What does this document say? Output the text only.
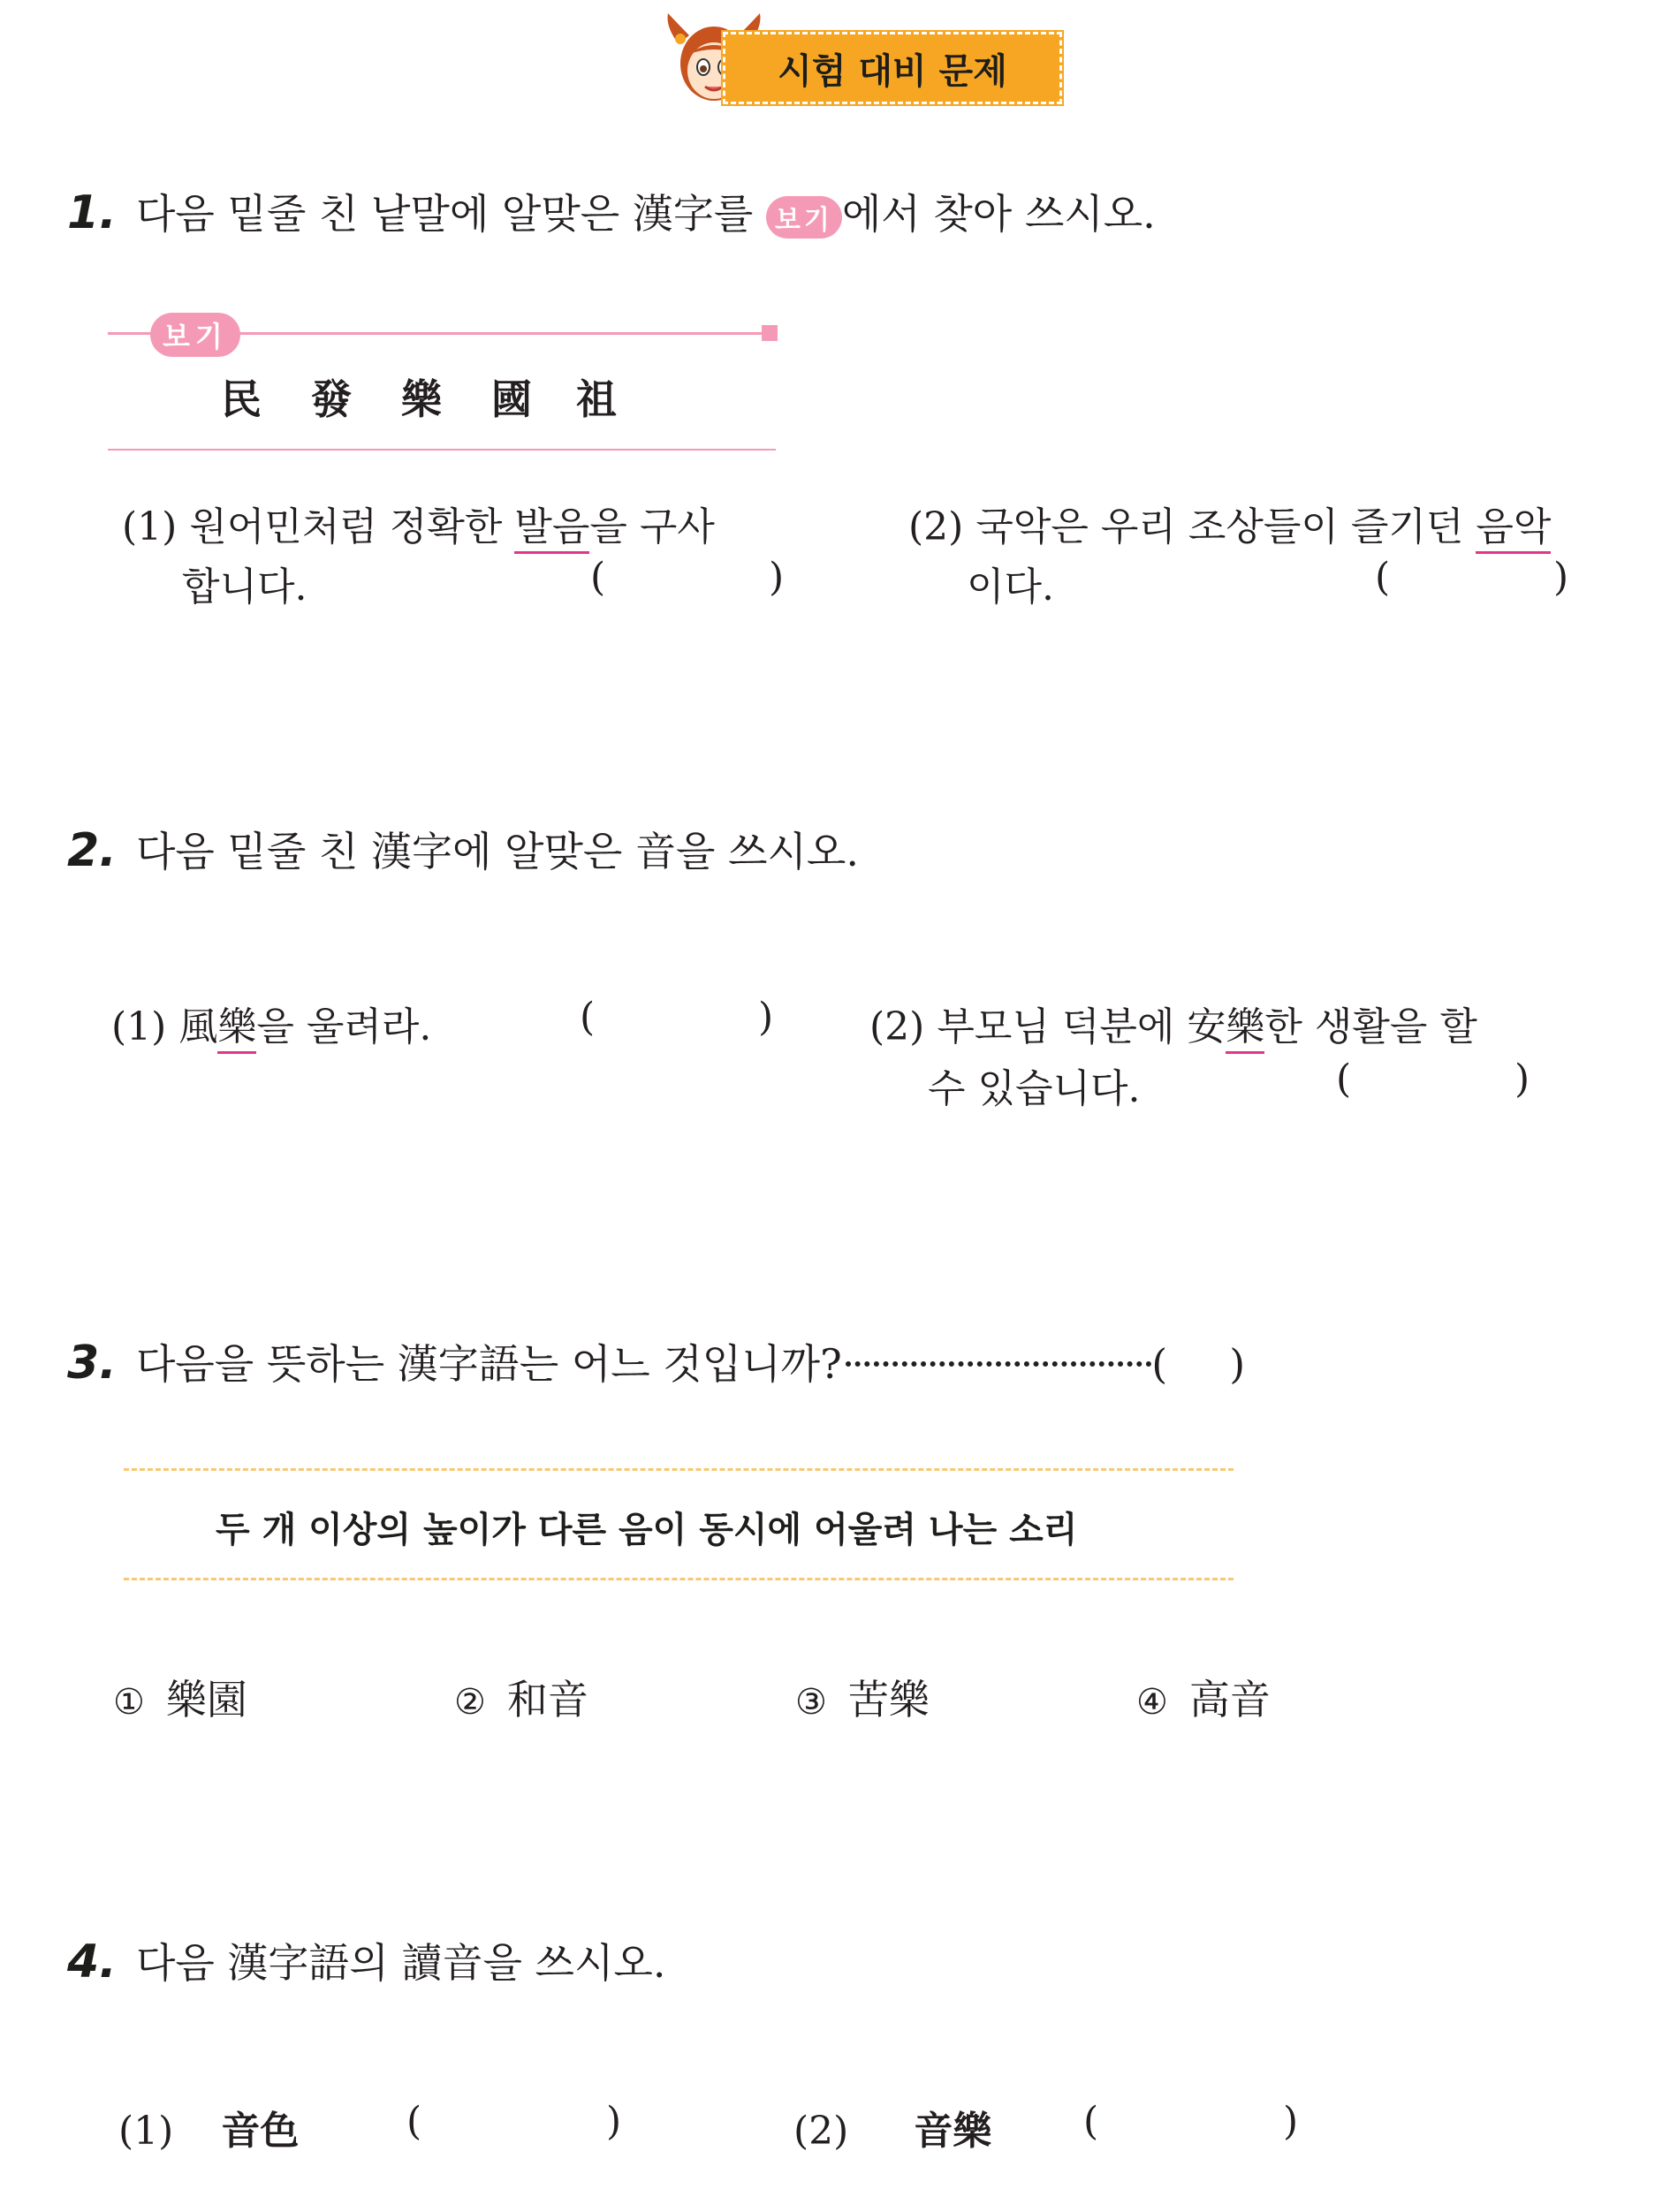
시험 대비 문제
1. 다음 밑줄 친 낱말에 알맞은 漢字를 보기 에서 찾아 쓰시오.
보기
民 發 樂 國 祖
(1) 원어민처럼 정확한 발음을 구사
합니다.	(	)
(2) 국악은 우리 조상들이 즐기던 음악
이다.	(	)
2. 다음 밑줄 친 漢字에 알맞은 音을 쓰시오.
(1) 風樂을 울려라.	(	) (2) 부모님 덕분에 安樂한 생활을 할
수 있습니다.	(	)
3. 다음을 뜻하는 漢字語는 어느 것입니까?·································( )
두 개 이상의 높이가 다른 음이 동시에 어울려 나는 소리
① 樂園	② 和音	③ 苦樂	④ 高音
4. 다음 漢字語의 讀音을 쓰시오.
(1) 音色	(	)	(2) 音樂 (	)
